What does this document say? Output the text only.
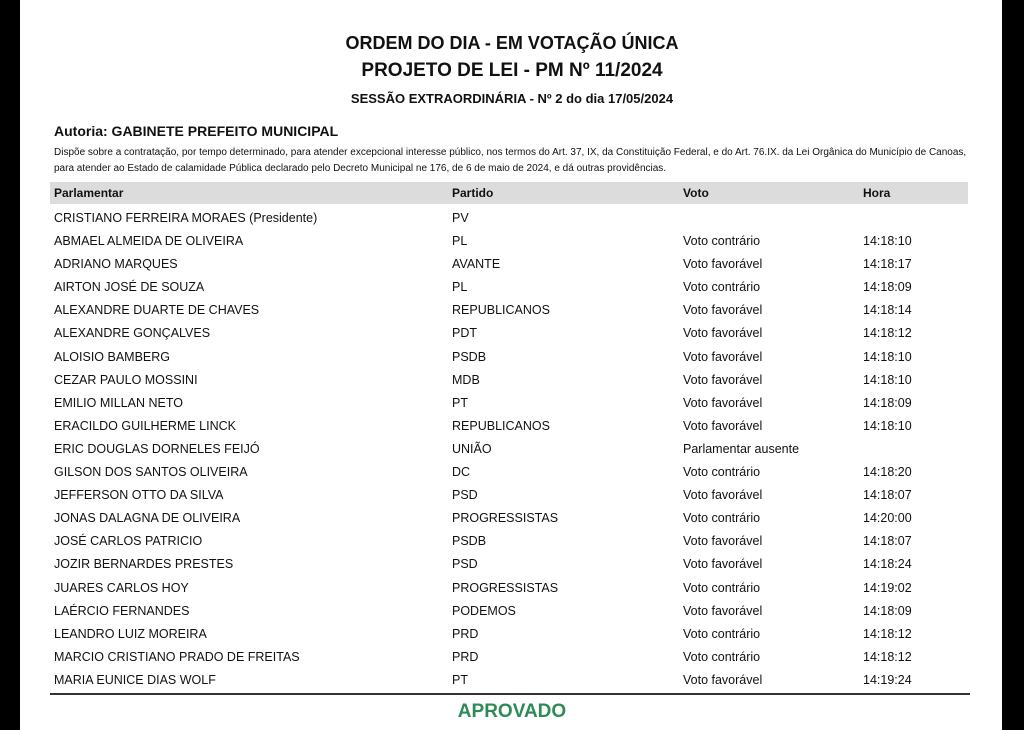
ORDEM DO DIA - EM VOTAÇÃO ÚNICA
PROJETO DE LEI - PM Nº 11/2024
SESSÃO EXTRAORDINÁRIA - Nº 2 do dia 17/05/2024
Autoria: GABINETE PREFEITO MUNICIPAL
Dispõe sobre a contratação, por tempo determinado, para atender excepcional interesse público, nos termos do Art. 37, IX, da Constituição Federal, e do Art. 76.IX. da Lei Orgânica do Município de Canoas, para atender ao Estado de calamidade Pública declarado pelo Decreto Municipal ne 176, de 6 de maio de 2024, e dá outras providências.
Parlamentar	Partido	Voto	Hora
CRISTIANO FERREIRA MORAES (Presidente)	PV
ABMAEL ALMEIDA DE OLIVEIRA	PL	Voto contrário	14:18:10
ADRIANO MARQUES	AVANTE	Voto favorável	14:18:17
AIRTON JOSÉ DE SOUZA	PL	Voto contrário	14:18:09
ALEXANDRE DUARTE DE CHAVES	REPUBLICANOS	Voto favorável	14:18:14
ALEXANDRE GONÇALVES	PDT	Voto favorável	14:18:12
ALOISIO BAMBERG	PSDB	Voto favorável	14:18:10
CEZAR PAULO MOSSINI	MDB	Voto favorável	14:18:10
EMILIO MILLAN NETO	PT	Voto favorável	14:18:09
ERACILDO GUILHERME LINCK	REPUBLICANOS	Voto favorável	14:18:10
ERIC DOUGLAS DORNELES FEIJÓ	UNIÃO	Parlamentar ausente
GILSON DOS SANTOS OLIVEIRA	DC	Voto contrário	14:18:20
JEFFERSON OTTO DA SILVA	PSD	Voto favorável	14:18:07
JONAS DALAGNA DE OLIVEIRA	PROGRESSISTAS	Voto contrário	14:20:00
JOSÉ CARLOS PATRICIO	PSDB	Voto favorável	14:18:07
JOZIR BERNARDES PRESTES	PSD	Voto favorável	14:18:24
JUARES CARLOS HOY	PROGRESSISTAS	Voto contrário	14:19:02
LAÉRCIO FERNANDES	PODEMOS	Voto favorável	14:18:09
LEANDRO LUIZ MOREIRA	PRD	Voto contrário	14:18:12
MARCIO CRISTIANO PRADO DE FREITAS	PRD	Voto contrário	14:18:12
MARIA EUNICE DIAS WOLF	PT	Voto favorável	14:19:24
APROVADO
